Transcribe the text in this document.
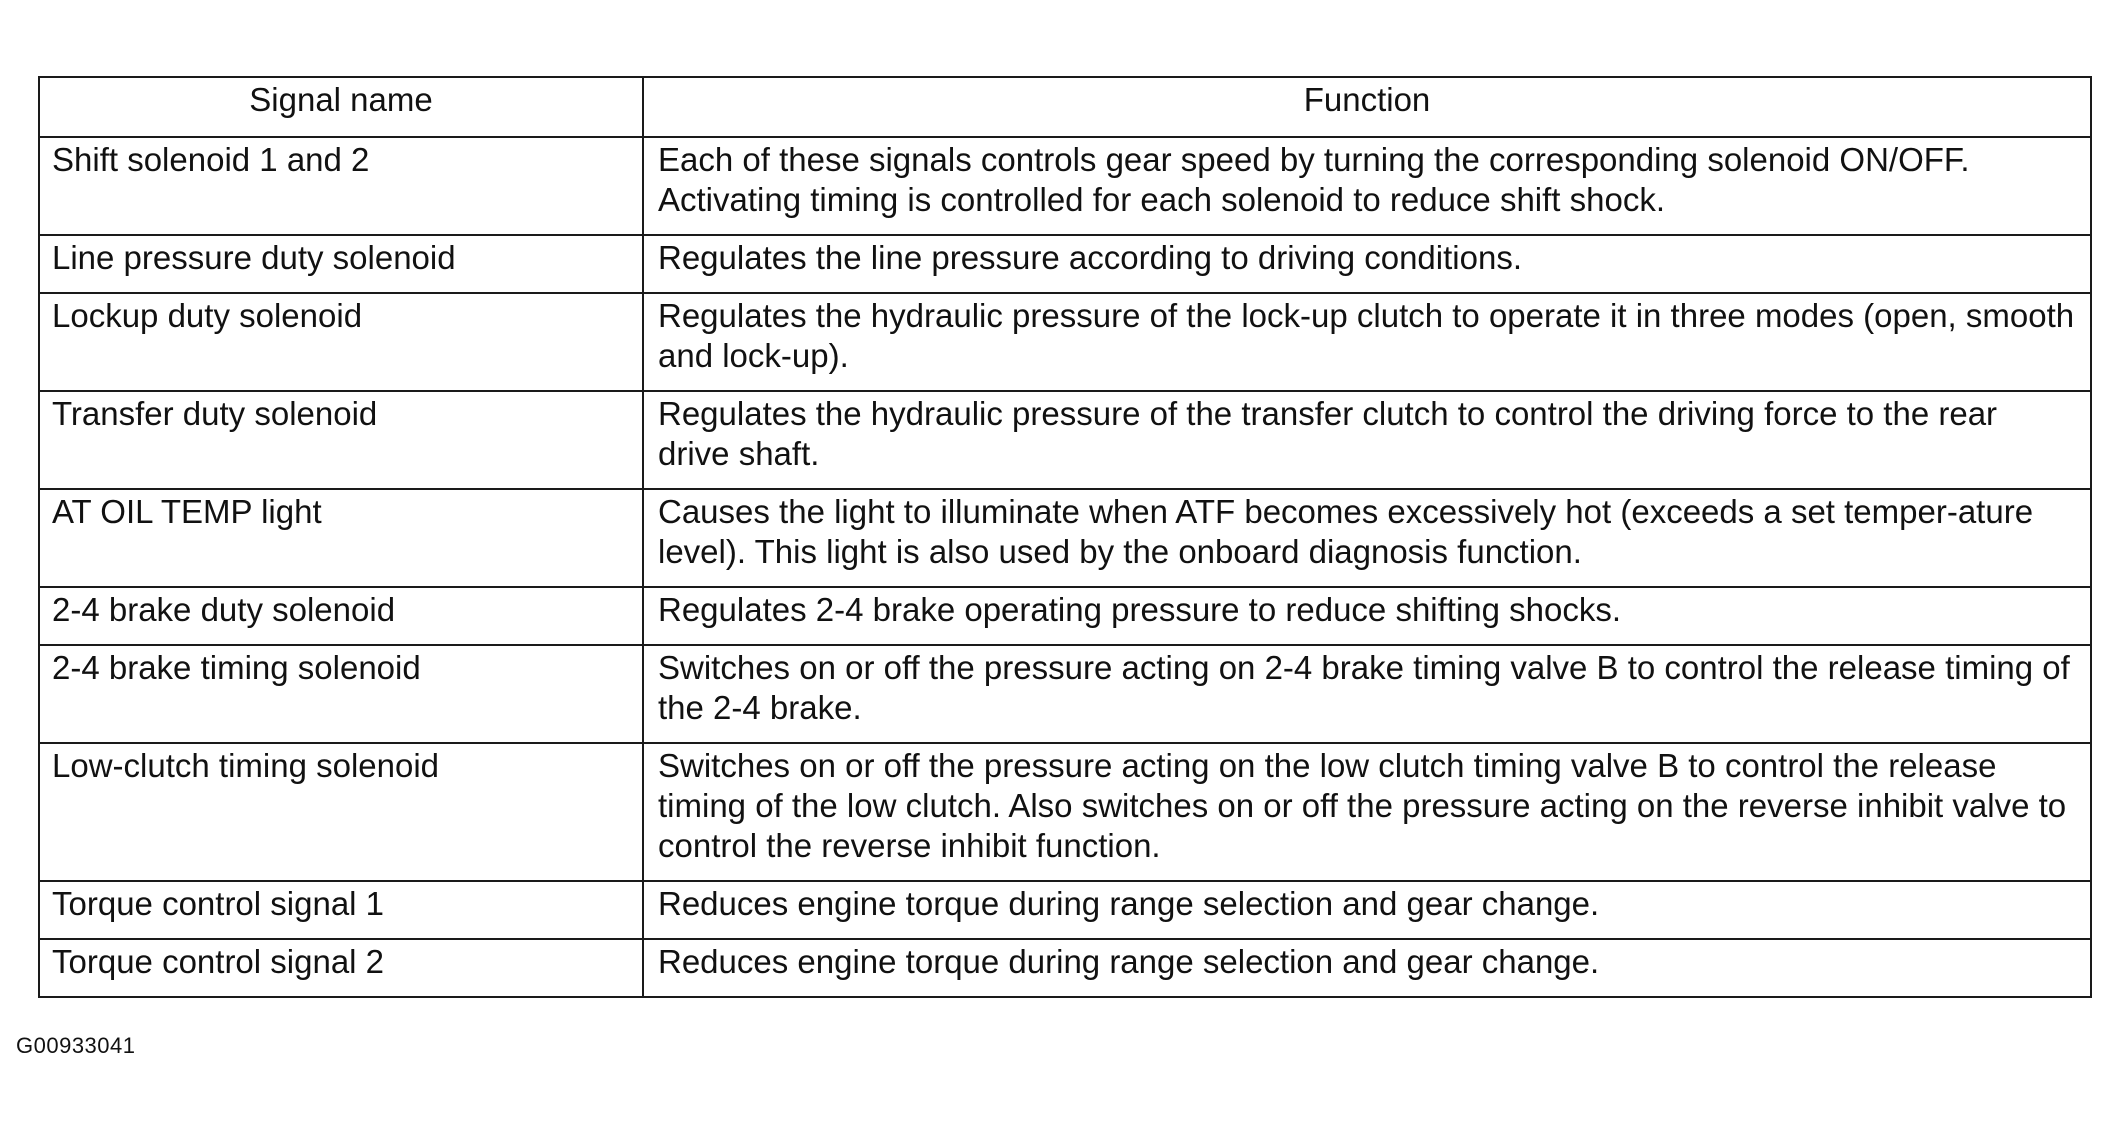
Signal name	Function
Shift solenoid 1 and 2	Each of these signals controls gear speed by turning the corresponding solenoid ON/OFF. Activating timing is controlled for each solenoid to reduce shift shock.
Line pressure duty solenoid	Regulates the line pressure according to driving conditions.
Lockup duty solenoid	Regulates the hydraulic pressure of the lock-up clutch to operate it in three modes (open, smooth and lock-up).
Transfer duty solenoid	Regulates the hydraulic pressure of the transfer clutch to control the driving force to the rear drive shaft.
AT OIL TEMP light	Causes the light to illuminate when ATF becomes excessively hot (exceeds a set temper-ature level). This light is also used by the onboard diagnosis function.
2-4 brake duty solenoid	Regulates 2-4 brake operating pressure to reduce shifting shocks.
2-4 brake timing solenoid	Switches on or off the pressure acting on 2-4 brake timing valve B to control the release timing of the 2-4 brake.
Low-clutch timing solenoid	Switches on or off the pressure acting on the low clutch timing valve B to control the release timing of the low clutch. Also switches on or off the pressure acting on the reverse inhibit valve to control the reverse inhibit function.
Torque control signal 1	Reduces engine torque during range selection and gear change.
Torque control signal 2	Reduces engine torque during range selection and gear change.
G00933041
